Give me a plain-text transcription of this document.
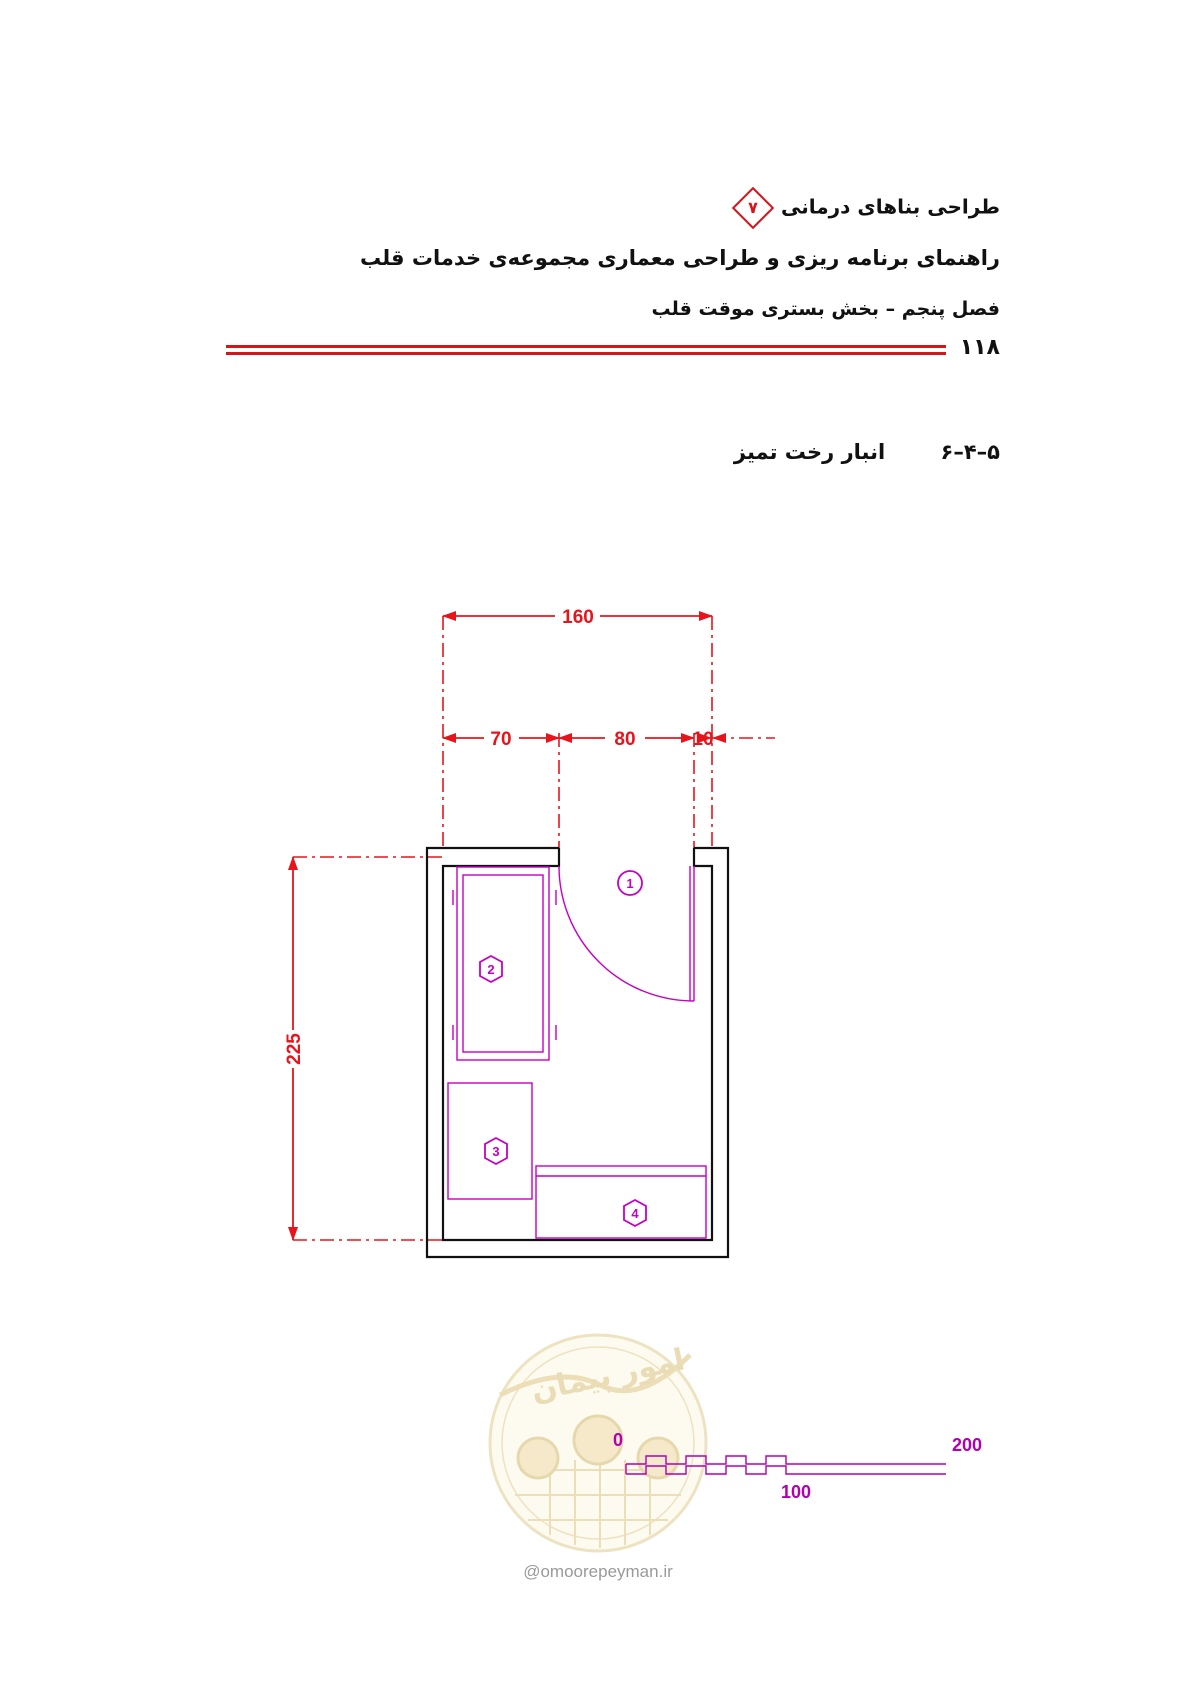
طراحی بناهای درمانی
۷
راهنمای برنامه ریزی و طراحی معماری مجموعه‌ی خدمات قلب
فصل پنجم – بخش بستری موقت قلب
۱۱۸
۵–۴–۶ انبار رخت تمیز
160
70	80	10
225
1
2
3
4
امور پیمان
0
100
200
@omoorepeyman.ir
